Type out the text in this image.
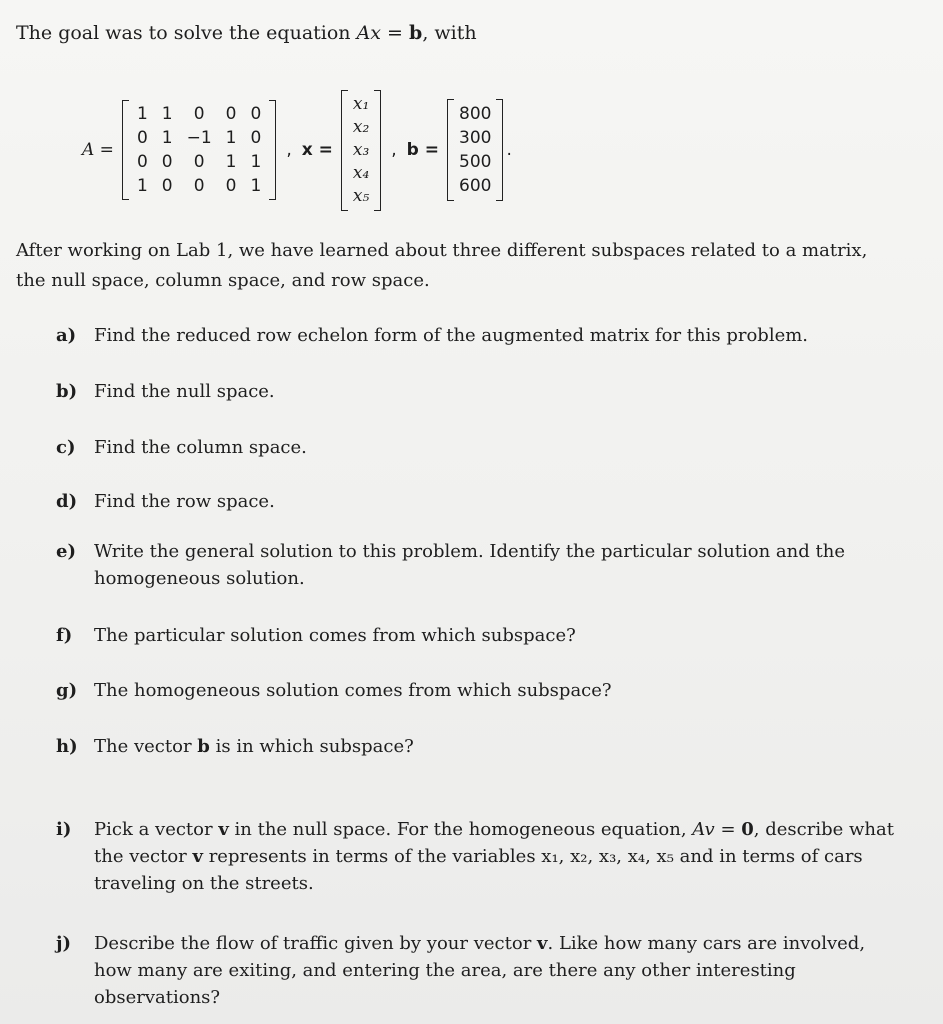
The goal was to solve the equation Ax = b, with
A =
1	1	0	0	0
0	1	−1	1	0
0	0	0	1	1
1	0	0	0	1
, x =
x₁
x₂
x₃
x₄
x₅
, b =
800
300
500
600
.
After working on Lab 1, we have learned about three different subspaces related to a matrix, the null space, column space, and row space.
a) Find the reduced row echelon form of the augmented matrix for this problem.
b) Find the null space.
c)	Find the column space.
d) Find the row space.
e)	Write the general solution to this problem. Identify the particular solution and the homogeneous solution.
f)	The particular solution comes from which subspace?
g) The homogeneous solution comes from which subspace?
h) The vector b is in which subspace?
i)	Pick a vector v in the null space. For the homogeneous equation, Av = 0, describe what the vector v represents in terms of the variables x₁, x₂, x₃, x₄, x₅ and in terms of cars traveling on the streets.
j)	Describe the flow of traffic given by your vector v. Like how many cars are involved, how many are exiting, and entering the area, are there any other interesting observations?
